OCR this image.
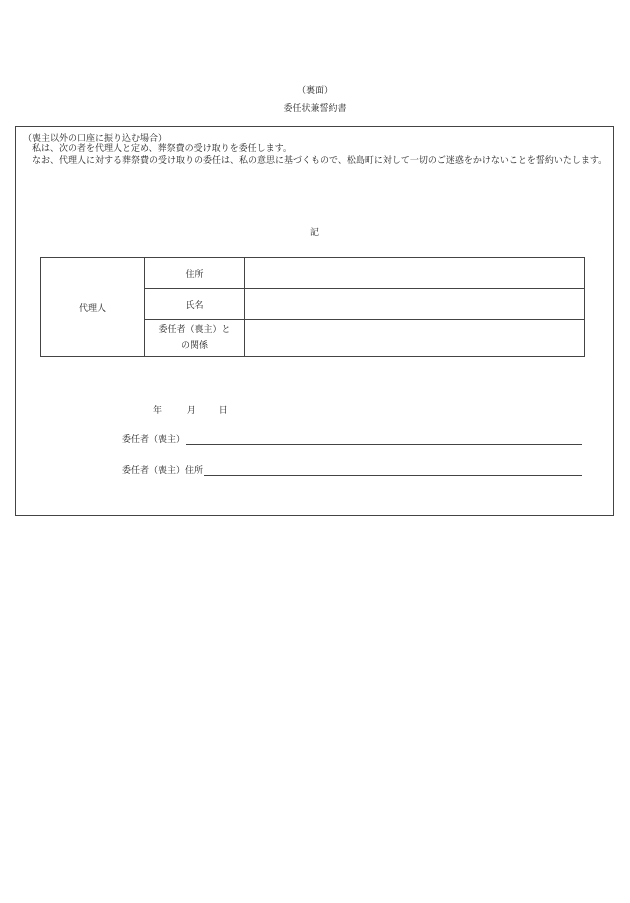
（裏面）
委任状兼誓約書
（喪主以外の口座に振り込む場合）
私は、次の者を代理人と定め、葬祭費の受け取りを委任します。
なお、代理人に対する葬祭費の受け取りの委任は、私の意思に基づくもので、松島町に対して一切のご迷惑をかけないことを誓約いたします。
記
代理人	住所	
	氏名	

	委任者（喪主）と
の関係	

年	月	日
委任者（喪主）
委任者（喪主）住所
